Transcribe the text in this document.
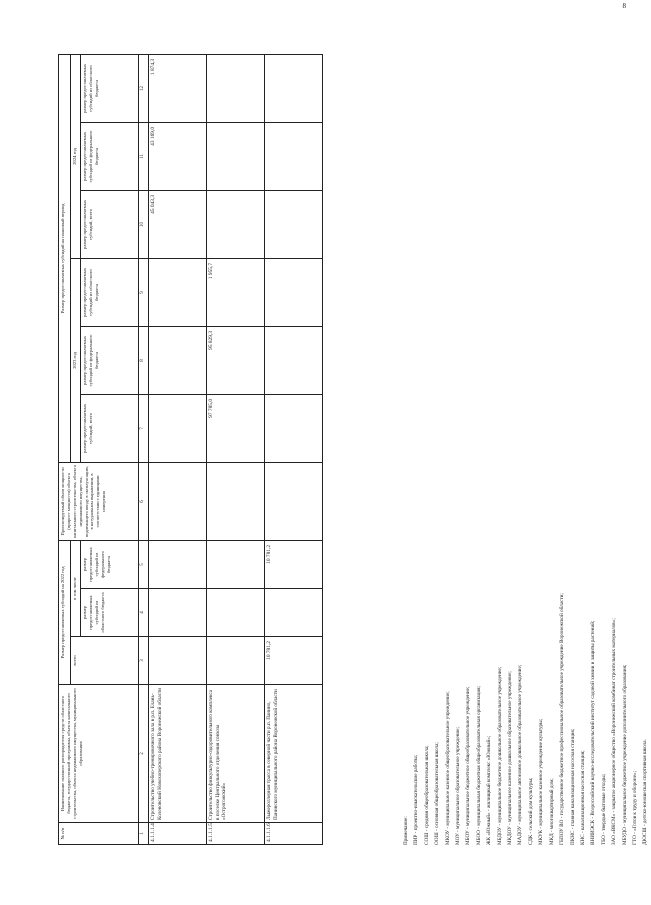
8
№ п/п	Наименование главного распорядителя средств областного бюджета, государственной программы, объекта капитального строительства, объекта недвижимого имущества, муниципального образования	Размер предоставляемых субсидий на 2022 год			Прогнозируемый объем мощности (прирост мощности) объекта капитального строительства, объекта недвижимого имущества, подлежащего вводу в эксплуатацию, в натуральном выражении, в соответствии с единицами измерения	Размер предоставляемых субсидий на плановый период					
		всего	в том числе			2023 год			2024 год		
			размер предоставляемых субсидий из областного бюджета	размер предоставляемых субсидий из федерального бюджета		размер предоставляемых субсидий, всего	размер предоставляемых субсидий из федерального бюджета	размер предоставляемых субсидий из областного бюджета	размер предоставляемых субсидий, всего	размер предоставляемых субсидий из федерального бюджета	размер предоставляемых субсидий из областного бюджета

1	2	3	4	5	6	7	8	9	10	11	12
4.1.1.1.4	Строительство учебно-тренировочного зала в р.п. Елань-Коленовский Новохоперского района Воронежской области								45 043,3	43 169,0	1 874,3
4.1.1.1.5	Строительство физкультурно-оздоровительного комплекса в поселке Центрального отделения совхоза «Острогожский»					97 785,0	95 829,3	1 955,7			
4.1.1.1.6	Лыжероллерная трасса в северной части р.п. Панино, Панинского муниципального района Воронежской области	10 781,2		10 781,2							
Примечание: ПИР - проектно-изыскательские работы; СОШ - средняя общеобразовательная школа; ООШ - основная общеобразовательная школа; МКОУ - муниципальное казенное общеобразовательное учреждение; МОУ - муниципальное образовательное учреждение; МБОУ - муниципальное бюджетное общеобразовательное учреждение; МБОО - муниципальная бюджетная общеобразовательная организация; ЖК «Южный» - жилищный комплекс «Южный»; МБДОУ - муниципальное бюджетное дошкольное образовательное учреждение; МКДОУ - муниципальное казенное дошкольное образовательное учреждение; МАДОУ - муниципальное автономное дошкольное образовательное учреждение; СДК - сельский дом культуры; МКУК - муниципальное казенное учреждение культуры; МКД - многоквартирный дом; ГБПОУ ВО - государственное бюджетное профессиональное образовательное учреждение Воронежской области; ПКНС - главная канализационная насосная станция; КНС - канализационная насосная станция; ВНИИЭСК - Всероссийский научно-исследовательский институт садовой химии и защиты растений; ТБО - твердые бытовые отходы; ЗАО «ВКСМ» - закрытое акционерное общество «Воронежский комбинат строительных материалов»; МБУДО - муниципальное бюджетное учреждение дополнительного образования; ГТО - «Готов к труду и обороне»; ДЮСШ - детско-юношеская спортивная школа.
